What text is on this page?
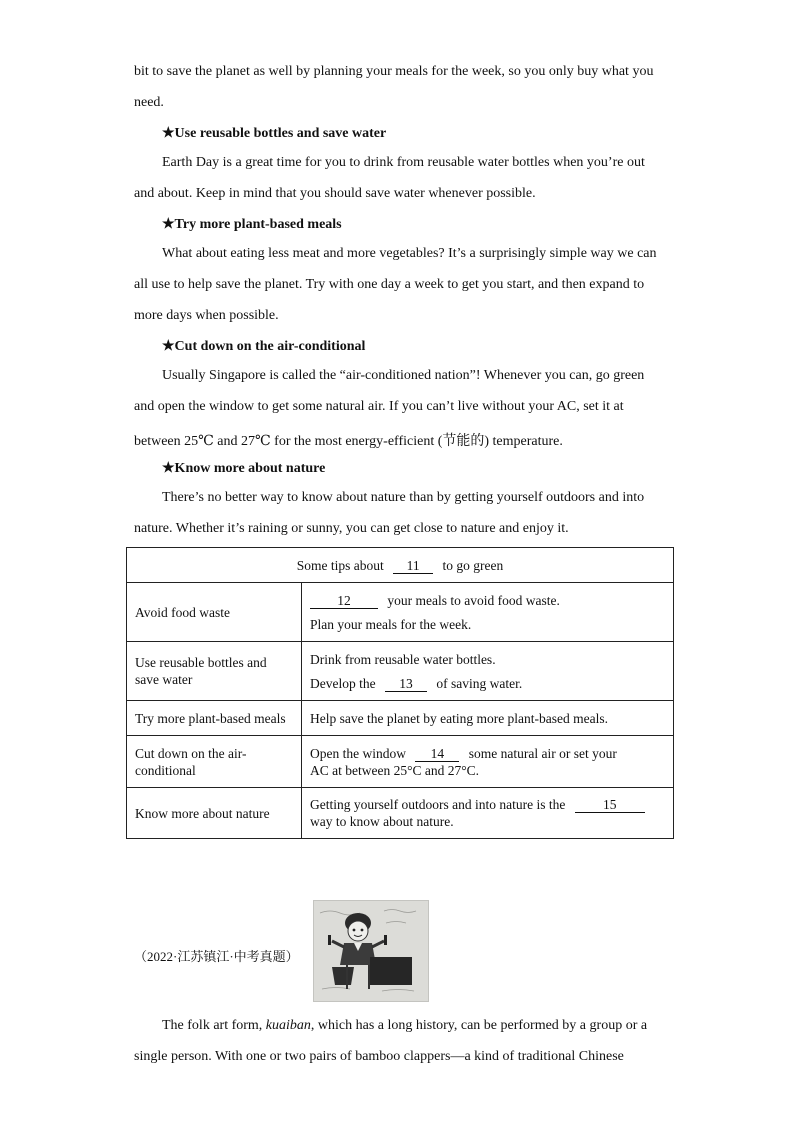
bit to save the planet as well by planning your meals for the week, so you only buy what you

need.

★Use reusable bottles and save water

Earth Day is a great time for you to drink from reusable water bottles when you’re out

and about. Keep in mind that you should save water whenever possible.

★Try more plant-based meals

What about eating less meat and more vegetables? It’s a surprisingly simple way we can

all use to help save the planet. Try with one day a week to get you start, and then expand to

more days when possible.

★Cut down on the air-conditional

Usually Singapore is called the “air-conditioned nation”! Whenever you can, go green

and open the window to get some natural air. If you can’t live without your AC, set it at

between 25℃ and 27℃ for the most energy-efficient (节能的) temperature.

★Know more about nature

There’s no better way to know about nature than by getting yourself outdoors and into

nature. Whether it’s raining or sunny, you can get close to nature and enjoy it.

Some tips about 11 to go green	
Avoid food waste	12 your meals to avoid food waste.
Plan your meals for the week.

Use reusable bottles and save water	Drink from reusable water bottles.
Develop the 13 of saving water.

Try more plant-based meals	Help save the planet by eating more plant-based meals.
Cut down on the air-conditional	Open the window 14 some natural air or set your
AC at between 25°C and 27°C.

Know more about nature	Getting yourself outdoors and into nature is the 15
way to know about nature.
（2022·江苏镇江·中考真题）

The folk art form, kuaiban, which has a long history, can be performed by a group or a

single person. With one or two pairs of bamboo clappers—a kind of traditional Chinese
